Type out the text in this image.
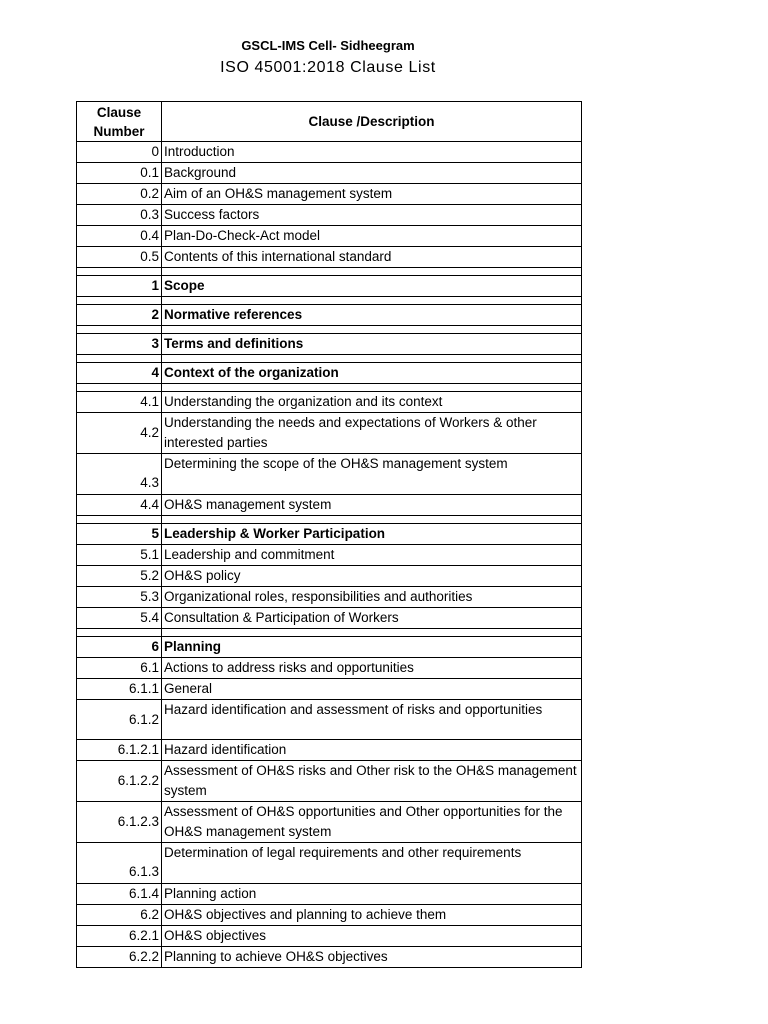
GSCL-IMS Cell- Sidheegram
ISO 45001:2018 Clause List
Clause Number	Clause /Description
0	Introduction
0.1	Background
0.2	Aim of an OH&S management system
0.3	Success factors
0.4	Plan-Do-Check-Act model
0.5	Contents of this international standard

1	Scope

2	Normative references

3	Terms and definitions

4	Context of the organization

4.1	Understanding the organization and its context
4.2	Understanding the needs and expectations of Workers & other interested parties
4.3	Determining the scope of the OH&S management system
4.4	OH&S management system

5	Leadership & Worker Participation
5.1	Leadership and commitment
5.2	OH&S policy
5.3	Organizational roles, responsibilities and authorities
5.4	Consultation & Participation of Workers

6	Planning
6.1	Actions to address risks and opportunities
6.1.1	General
6.1.2	Hazard identification and assessment of risks and opportunities
6.1.2.1	Hazard identification
6.1.2.2	Assessment of OH&S risks and Other risk to the OH&S management system
6.1.2.3	Assessment of OH&S opportunities and Other opportunities for the OH&S management system
6.1.3	Determination of legal requirements and other requirements
6.1.4	Planning action
6.2	OH&S objectives and planning to achieve them
6.2.1	OH&S objectives
6.2.2	Planning to achieve OH&S objectives
